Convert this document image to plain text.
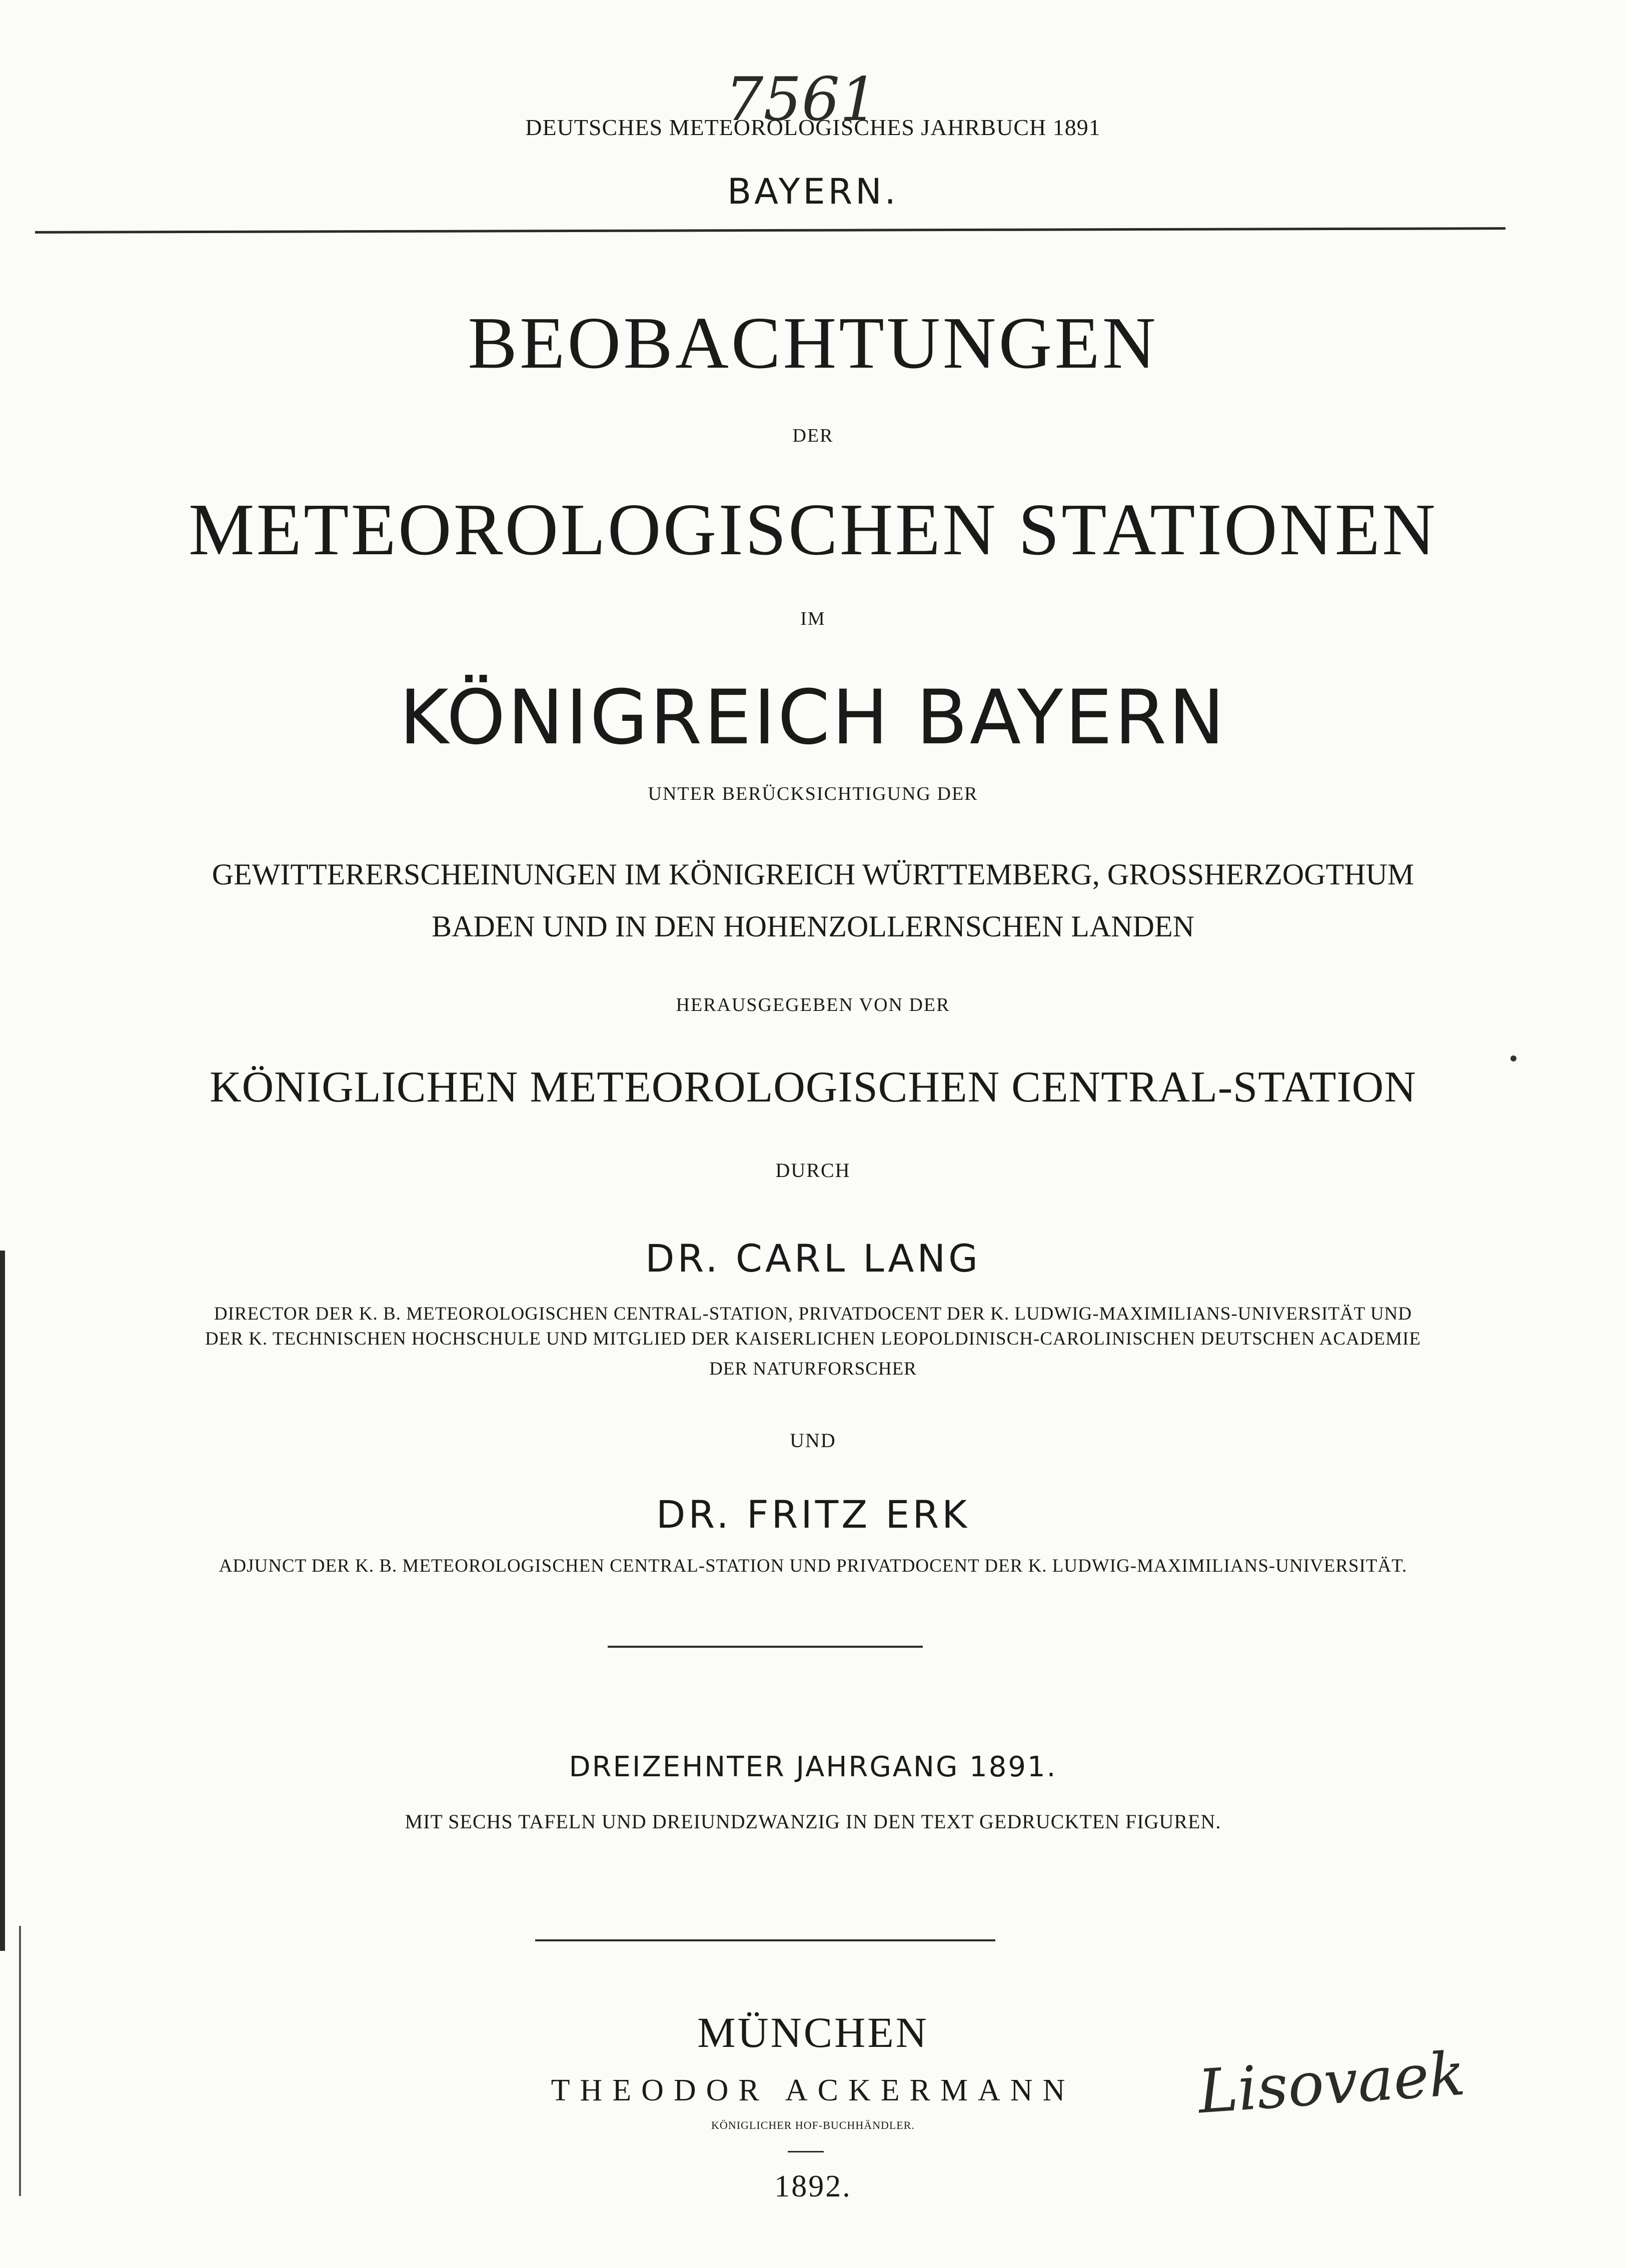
7561
DEUTSCHES METEOROLOGISCHES JAHRBUCH 1891
BAYERN.
BEOBACHTUNGEN
DER
METEOROLOGISCHEN STATIONEN
IM
KÖNIGREICH BAYERN
UNTER BERÜCKSICHTIGUNG DER
GEWITTERERSCHEINUNGEN IM KÖNIGREICH WÜRTTEMBERG, GROSSHERZOGTHUM
BADEN UND IN DEN HOHENZOLLERNSCHEN LANDEN
HERAUSGEGEBEN VON DER
KÖNIGLICHEN METEOROLOGISCHEN CENTRAL-STATION
DURCH
DR. CARL LANG
DIRECTOR DER K. B. METEOROLOGISCHEN CENTRAL-STATION, PRIVATDOCENT DER K. LUDWIG-MAXIMILIANS-UNIVERSITÄT UND
DER K. TECHNISCHEN HOCHSCHULE UND MITGLIED DER KAISERLICHEN LEOPOLDINISCH-CAROLINISCHEN DEUTSCHEN ACADEMIE
DER NATURFORSCHER
UND
DR. FRITZ ERK
ADJUNCT DER K. B. METEOROLOGISCHEN CENTRAL-STATION UND PRIVATDOCENT DER K. LUDWIG-MAXIMILIANS-UNIVERSITÄT.
DREIZEHNTER JAHRGANG 1891.
MIT SECHS TAFELN UND DREIUNDZWANZIG IN DEN TEXT GEDRUCKTEN FIGUREN.
MÜNCHEN
THEODOR ACKERMANN
KÖNIGLICHER HOF-BUCHHÄNDLER.
1892.
Lisovaek
